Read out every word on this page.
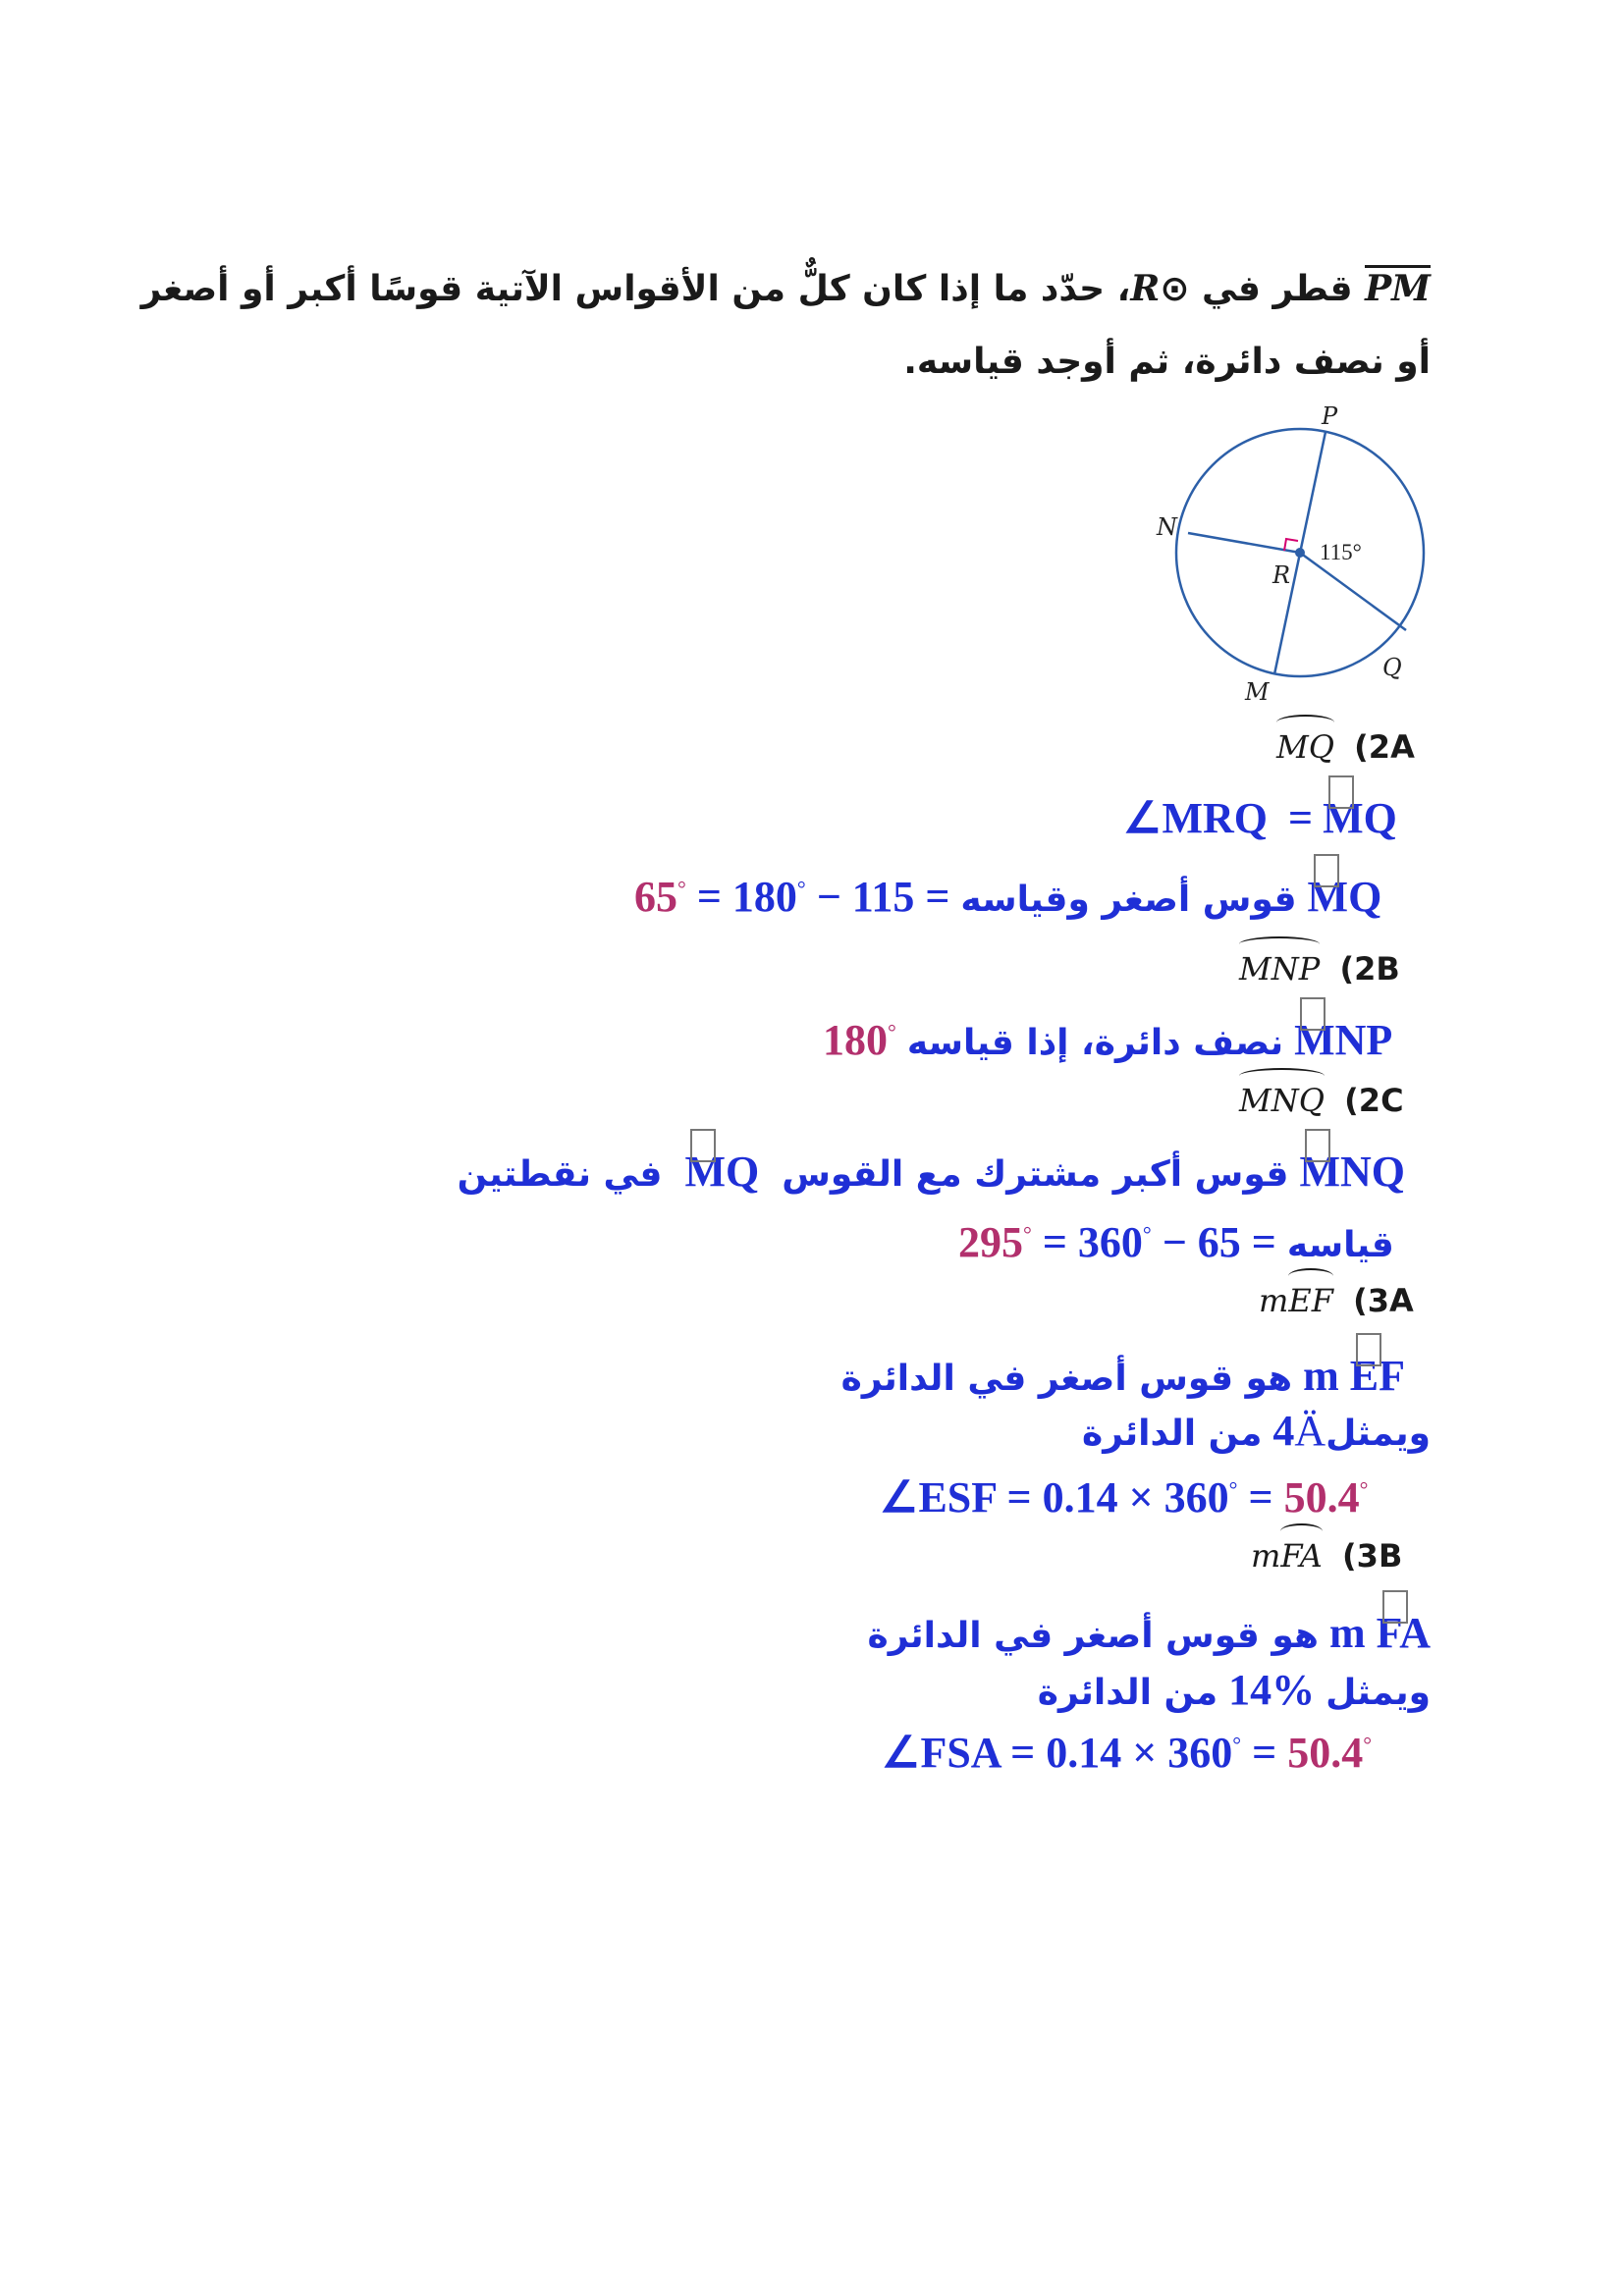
PM قطر في ⊙R، حدّد ما إذا كان كلٌّ من الأقواس الآتية قوسًا أكبر أو أصغر
أو نصف دائرة، ثم أوجد قياسه.
P
N
R
Q
M
115°
MQ (2A
∠MRQ = MQ
65° = 180° − 115 = قوس أصغر وقياسه MQ
MNP (2B
180° نصف دائرة، إذا قياسه MNP
MNQ (2C
MNQ قوس أكبر مشترك مع القوس
MQ في نقطتين
295° = 360° − 65 = قياسه
m
EF (3A
m EF هو قوس أصغر في الدائرة
ويمثل4Ä من الدائرة
∠ESF = 0.14 × 360° = 50.4°
m
FA (3B
m FA هو قوس أصغر في الدائرة
ويمثل 14% من الدائرة
∠FSA = 0.14 × 360° = 50.4°
